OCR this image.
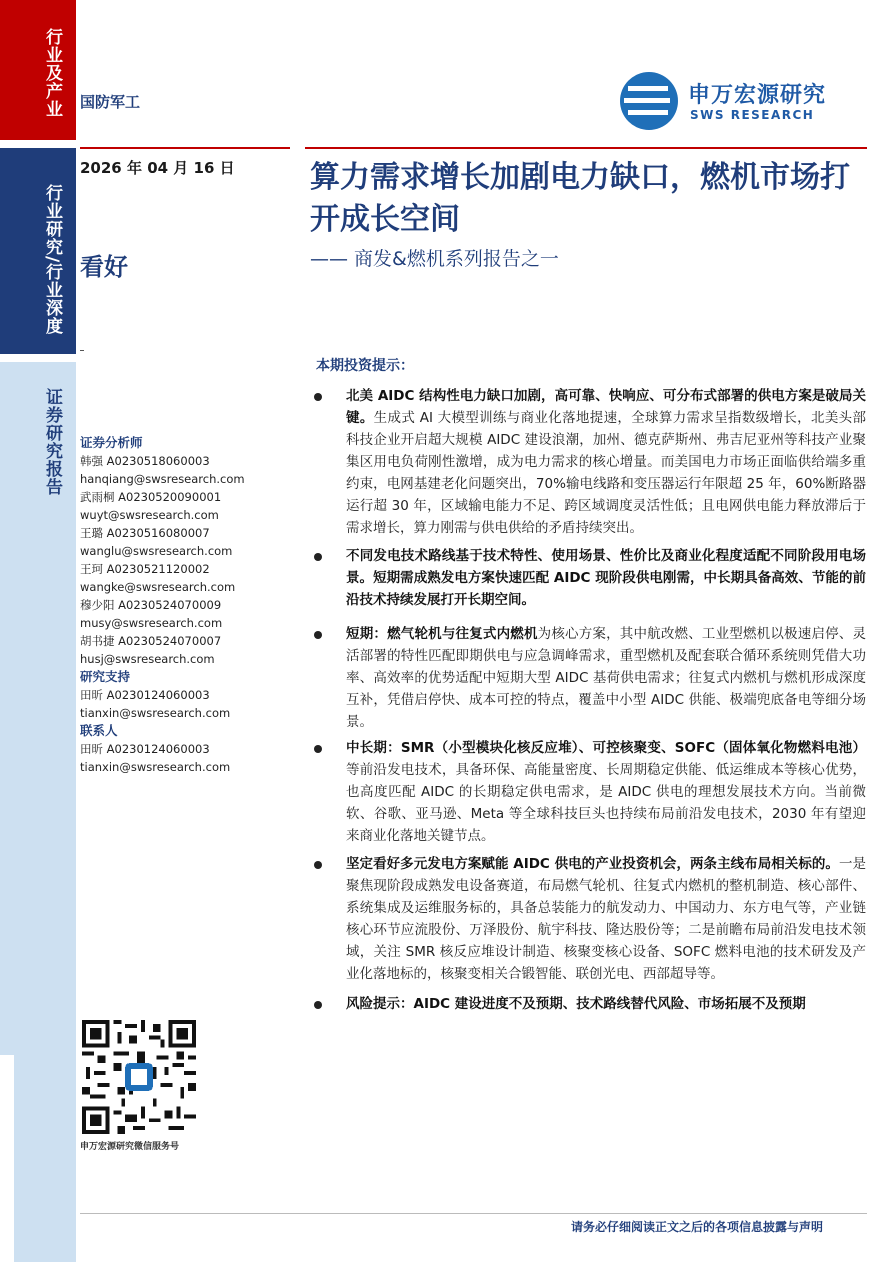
行业及产业
行业研究/行业深度
证券研究报告
国防军工	申万宏源研究
SWS RESEARCH
2026 年 04 月 16 日
看好
算力需求增长加剧电力缺口，燃机市场打开成长空间
—— 商发&燃机系列报告之一
证券分析师
韩强 A0230518060003
hanqiang@swsresearch.com
武雨桐 A0230520090001
wuyt@swsresearch.com
王璐 A0230516080007
wanglu@swsresearch.com
王珂 A0230521120002
wangke@swsresearch.com
穆少阳 A0230524070009
musy@swsresearch.com
胡书捷 A0230524070007
husj@swsresearch.com
研究支持
田昕 A0230124060003
tianxin@swsresearch.com
联系人
田昕 A0230124060003
tianxin@swsresearch.com
申万宏源研究微信服务号
本期投资提示：
北美 AIDC 结构性电力缺口加剧，高可靠、快响应、可分布式部署的供电方案是破局关键。生成式 AI 大模型训练与商业化落地提速，全球算力需求呈指数级增长，北美头部科技企业开启超大规模 AIDC 建设浪潮，加州、德克萨斯州、弗吉尼亚州等科技产业聚集区用电负荷刚性激增，成为电力需求的核心增量。而美国电力市场正面临供给端多重约束，电网基建老化问题突出，70%输电线路和变压器运行年限超 25 年，60%断路器运行超 30 年，区域输电能力不足、跨区域调度灵活性低；且电网供电能力释放滞后于需求增长，算力刚需与供电供给的矛盾持续突出。
不同发电技术路线基于技术特性、使用场景、性价比及商业化程度适配不同阶段用电场景。短期需成熟发电方案快速匹配 AIDC 现阶段供电刚需，中长期具备高效、节能的前沿技术持续发展打开长期空间。
短期：燃气轮机与往复式内燃机为核心方案，其中航改燃、工业型燃机以极速启停、灵活部署的特性匹配即期供电与应急调峰需求，重型燃机及配套联合循环系统则凭借大功率、高效率的优势适配中短期大型 AIDC 基荷供电需求；往复式内燃机与燃机形成深度互补，凭借启停快、成本可控的特点，覆盖中小型 AIDC 供能、极端兜底备电等细分场景。
中长期：SMR（小型模块化核反应堆）、可控核聚变、SOFC（固体氧化物燃料电池）等前沿发电技术，具备环保、高能量密度、长周期稳定供能、低运维成本等核心优势，也高度匹配 AIDC 的长期稳定供电需求，是 AIDC 供电的理想发展技术方向。当前微软、谷歌、亚马逊、Meta 等全球科技巨头也持续布局前沿发电技术，2030 年有望迎来商业化落地关键节点。
坚定看好多元发电方案赋能 AIDC 供电的产业投资机会，两条主线布局相关标的。一是聚焦现阶段成熟发电设备赛道，布局燃气轮机、往复式内燃机的整机制造、核心部件、系统集成及运维服务标的，具备总装能力的航发动力、中国动力、东方电气等，产业链核心环节应流股份、万泽股份、航宇科技、隆达股份等；二是前瞻布局前沿发电技术领域，关注 SMR 核反应堆设计制造、核聚变核心设备、SOFC 燃料电池的技术研发及产业化落地标的，核聚变相关合锻智能、联创光电、西部超导等。
风险提示：AIDC 建设进度不及预期、技术路线替代风险、市场拓展不及预期
请务必仔细阅读正文之后的各项信息披露与声明
